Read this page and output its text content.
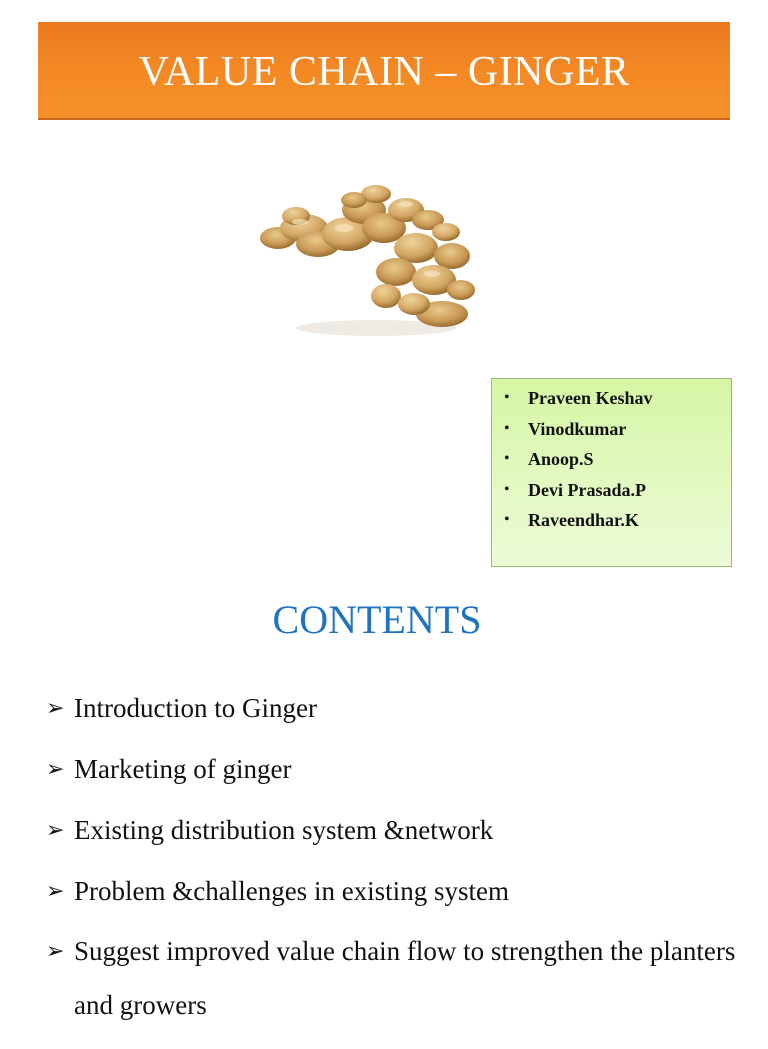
VALUE CHAIN – GINGER
• Praveen Keshav
• Vinodkumar
• Anoop.S
• Devi Prasada.P
• Raveendhar.K
CONTENTS
➢ Introduction to Ginger
➢ Marketing of ginger
➢ Existing distribution system &network
➢ Problem &challenges in existing system
➢ Suggest improved value chain flow to strengthen the planters and growers
